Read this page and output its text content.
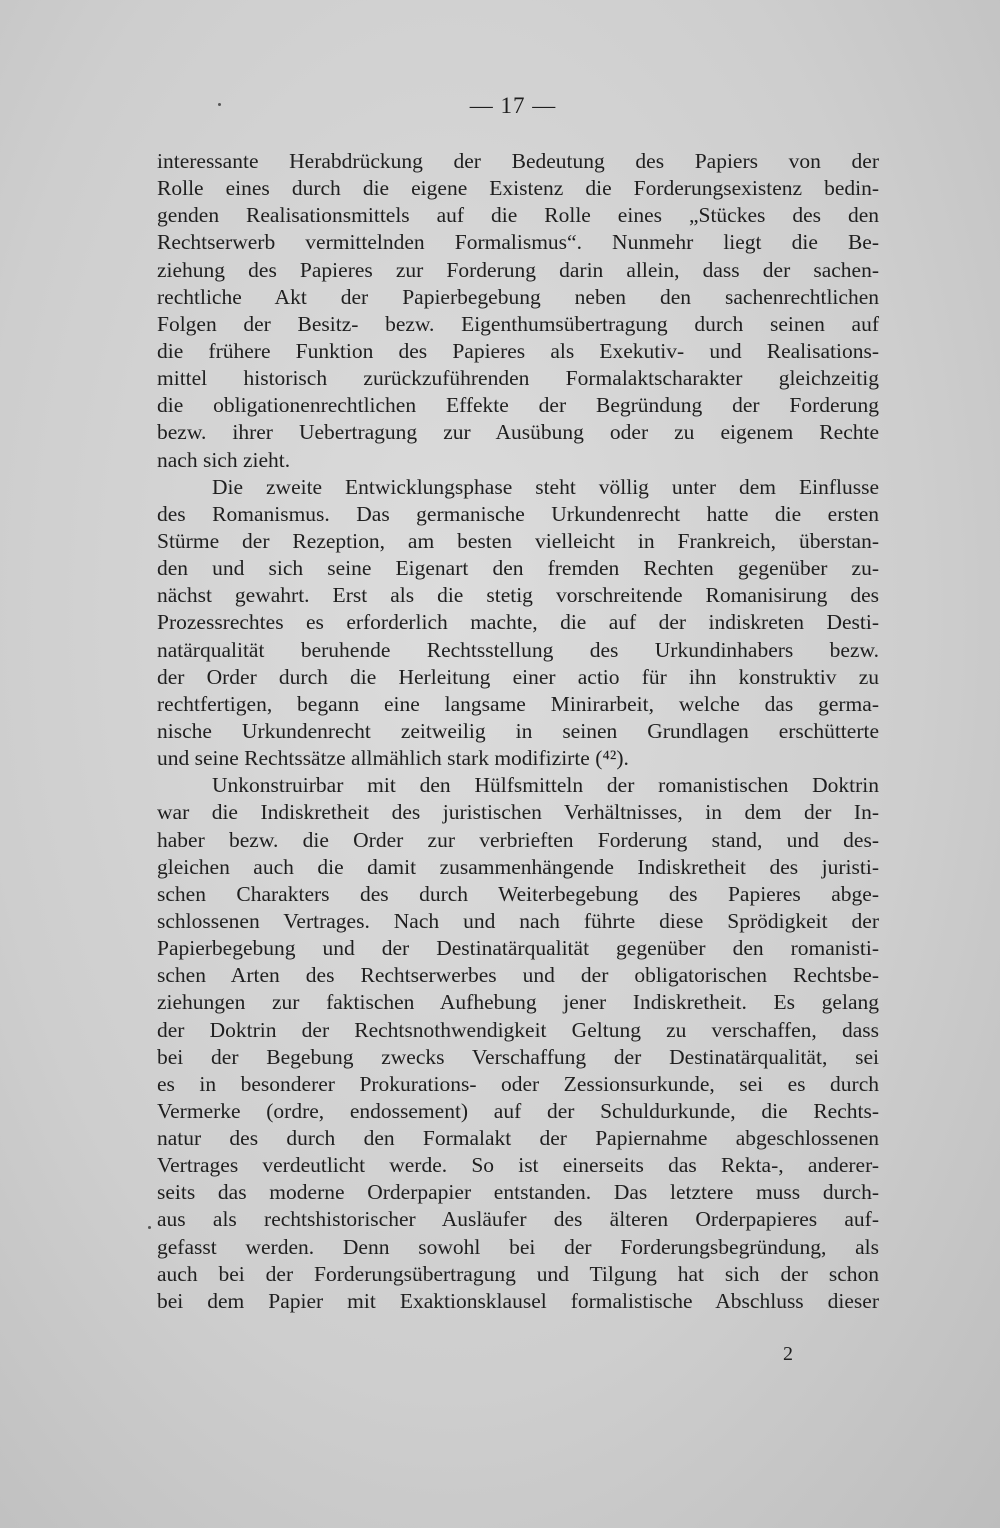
— 17 —
interessante Herabdrückung der Bedeutung des Papiers von der
Rolle eines durch die eigene Existenz die Forderungsexistenz bedin-
genden Realisationsmittels auf die Rolle eines „Stückes des den
Rechtserwerb vermittelnden Formalismus“. Nunmehr liegt die Be-
ziehung des Papieres zur Forderung darin allein, dass der sachen-
rechtliche Akt der Papierbegebung neben den sachenrechtlichen
Folgen der Besitz- bezw. Eigenthumsübertragung durch seinen auf
die frühere Funktion des Papieres als Exekutiv- und Realisations-
mittel historisch zurückzuführenden Formalaktscharakter gleichzeitig
die obligationenrechtlichen Effekte der Begründung der Forderung
bezw. ihrer Uebertragung zur Ausübung oder zu eigenem Rechte
nach sich zieht.
Die zweite Entwicklungsphase steht völlig unter dem Einflusse
des Romanismus. Das germanische Urkundenrecht hatte die ersten
Stürme der Rezeption, am besten vielleicht in Frankreich, überstan-
den und sich seine Eigenart den fremden Rechten gegenüber zu-
nächst gewahrt. Erst als die stetig vorschreitende Romanisirung des
Prozessrechtes es erforderlich machte, die auf der indiskreten Desti-
natärqualität beruhende Rechtsstellung des Urkundinhabers bezw.
der Order durch die Herleitung einer actio für ihn konstruktiv zu
rechtfertigen, begann eine langsame Minirarbeit, welche das germa-
nische Urkundenrecht zeitweilig in seinen Grundlagen erschütterte
und seine Rechtssätze allmählich stark modifizirte (⁴²).
Unkonstruirbar mit den Hülfsmitteln der romanistischen Doktrin
war die Indiskretheit des juristischen Verhältnisses, in dem der In-
haber bezw. die Order zur verbrieften Forderung stand, und des-
gleichen auch die damit zusammenhängende Indiskretheit des juristi-
schen Charakters des durch Weiterbegebung des Papieres abge-
schlossenen Vertrages. Nach und nach führte diese Sprödigkeit der
Papierbegebung und der Destinatärqualität gegenüber den romanisti-
schen Arten des Rechtserwerbes und der obligatorischen Rechtsbe-
ziehungen zur faktischen Aufhebung jener Indiskretheit. Es gelang
der Doktrin der Rechtsnothwendigkeit Geltung zu verschaffen, dass
bei der Begebung zwecks Verschaffung der Destinatärqualität, sei
es in besonderer Prokurations- oder Zessionsurkunde, sei es durch
Vermerke (ordre, endossement) auf der Schuldurkunde, die Rechts-
natur des durch den Formalakt der Papiernahme abgeschlossenen
Vertrages verdeutlicht werde. So ist einerseits das Rekta-, anderer-
seits das moderne Orderpapier entstanden. Das letztere muss durch-
aus als rechtshistorischer Ausläufer des älteren Orderpapieres auf-
gefasst werden. Denn sowohl bei der Forderungsbegründung, als
auch bei der Forderungsübertragung und Tilgung hat sich der schon
bei dem Papier mit Exaktionsklausel formalistische Abschluss dieser
2
